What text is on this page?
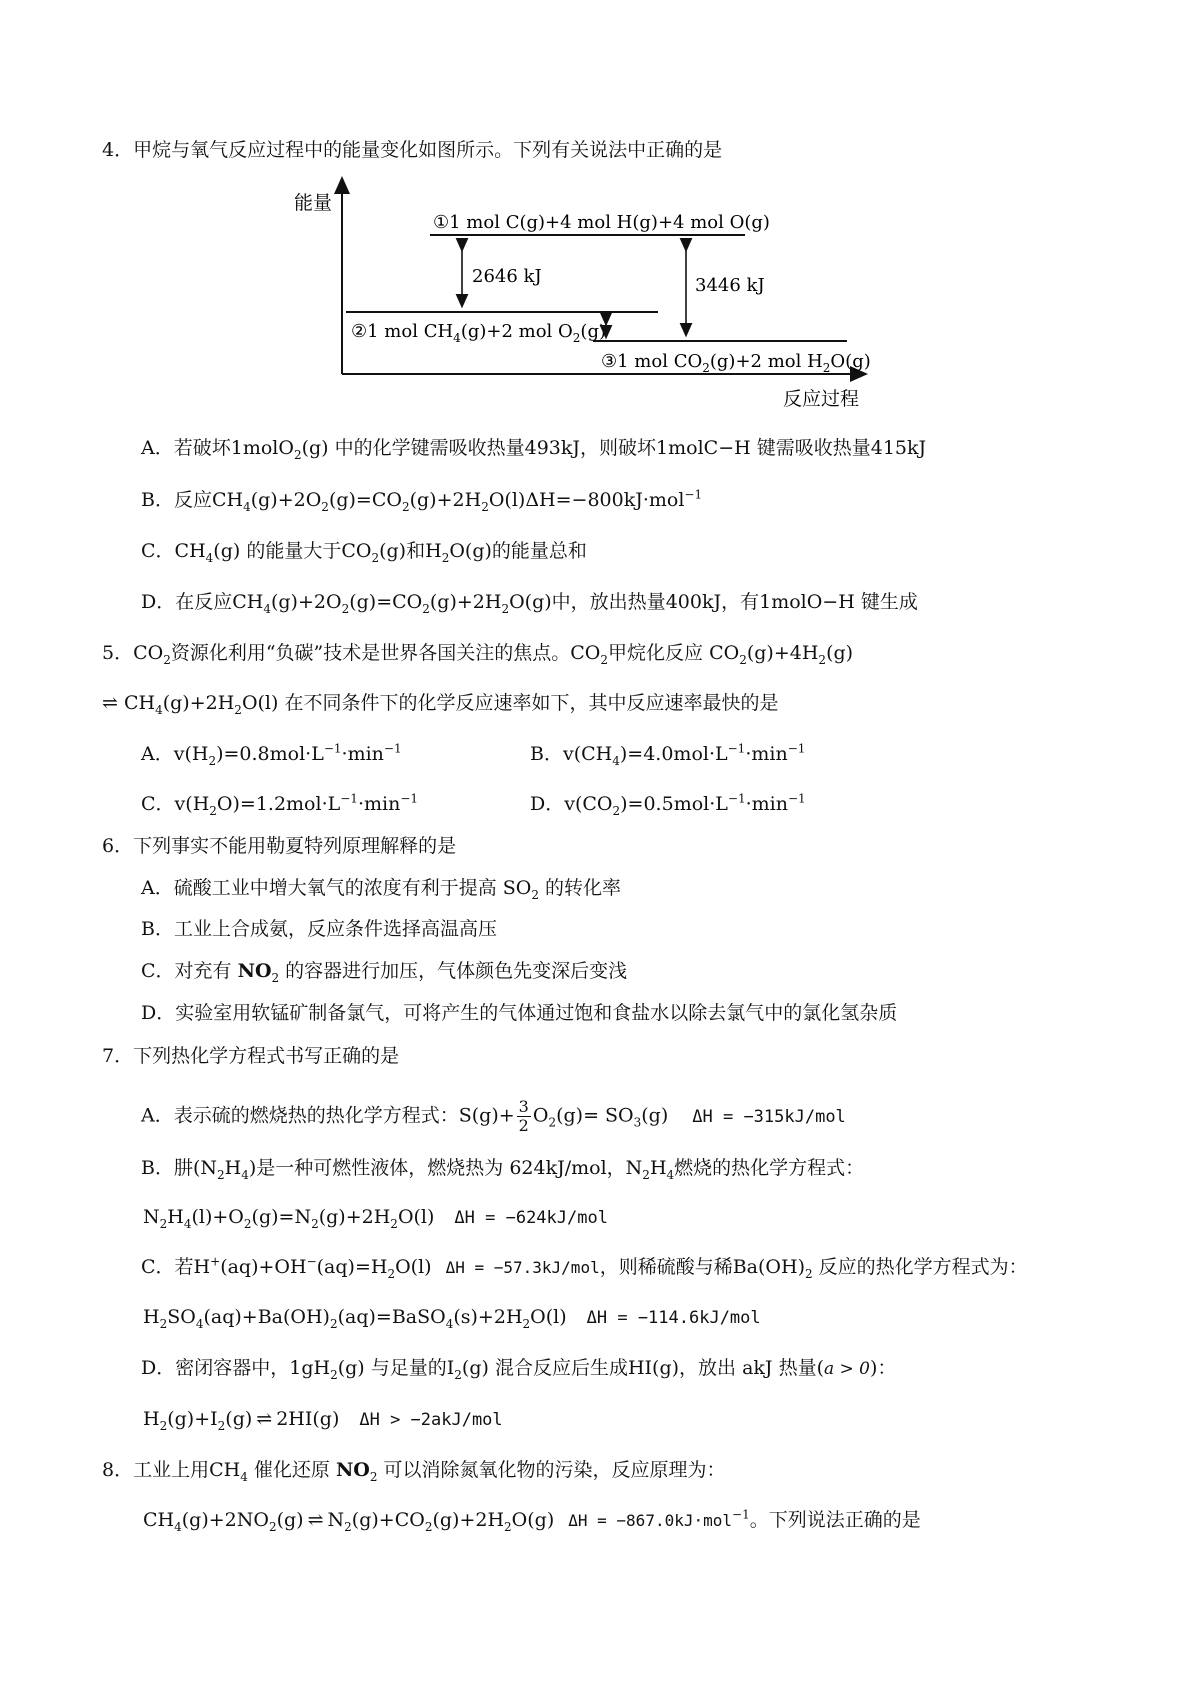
4．甲烷与氧气反应过程中的能量变化如图所示。下列有关说法中正确的是
能量
反应过程
①1 mol C(g)+4 mol H(g)+4 mol O(g)
②1 mol $CH_4(g)+2$ mol $O_2(g)$
③1 mol $CO_2(g)+2$ mol $H_2O(g)$
2646 kJ	3446 kJ
A．若破坏1molO$_2$(g) 中的化学键需吸收热量493kJ，则破坏1molC−H 键需吸收热量415kJ
B．反应$CH_4(g)+2O_2(g)=CO_2(g)+2H_2O(l)\Delta H=-800kJ\cdot mol^{-1}$
C．$CH_4(g)$ 的能量大于$CO_2(g)$和$H_2O(g)$的能量总和
D．在反应$CH_4(g)+2O_2(g)=CO_2(g)+2H_2O(g)$中，放出热量400kJ，有1molO−H 键生成
5．$CO_2$资源化利用“负碳”技术是世界各国关注的焦点。$CO_2$甲烷化反应 $CO_2(g)+4H_2(g)$
⇌ $CH_4(g)+2H_2O(l)$ 在不同条件下的化学反应速率如下，其中反应速率最快的是
A．$v(H_2)=0.8mol\cdot L^{-1}\cdot\min^{-1}$	B．$v(CH_4)=4.0mol\cdot L^{-1}\cdot\min^{-1}$
C．$v(H_2O)=1.2mol\cdot L^{-1}\cdot\min^{-1}$	D．$v(CO_2)=0.5mol\cdot L^{-1}\cdot\min^{-1}$
6．下列事实不能用勒夏特列原理解释的是
A．硫酸工业中增大氧气的浓度有利于提高 $SO_2$ 的转化率
B．工业上合成氨，反应条件选择高温高压
C．对充有 $NO_2$ 的容器进行加压，气体颜色先变深后变浅
D．实验室用软锰矿制备氯气，可将产生的气体通过饱和食盐水以除去氯气中的氯化氢杂质
7．下列热化学方程式书写正确的是
A．表示硫的燃烧热的热化学方程式：$S(g)+ \frac{3}{2} O_2(g)= SO_3(g) \Delta H = -315kJ/mol$
B．肼$(N_2H_4)$是一种可燃性液体，燃烧热为 624kJ/mol，$N_2H_4$燃烧的热化学方程式：
$N_2H_4(l)+O_2(g)=N_2(g)+2H_2O(l) \Delta H = -624kJ/mol$
C．若$H^+(aq)+OH^-(aq)=H_2O(l) \Delta H = -57.3kJ/mol$，则稀硫酸与稀$Ba(OH)_2$ 反应的热化学方程式为：
$H_2SO_4(aq)+Ba(OH)_2(aq)=BaSO_4(s)+2H_2O(l) \Delta H = -114.6kJ/mol$
D．密闭容器中，$1gH_2(g)$ 与足量的$I_2(g)$ 混合反应后生成HI(g)，放出 akJ 热量(a > 0)：
$H_2(g)+I_2(g)$ ⇌ 2HI(g) ΔH > −2akJ/mol
8．工业上用$CH_4$ 催化还原 $NO_2$ 可以消除氮氧化物的污染，反应原理为：
$CH_4(g)+2NO_2(g)$ ⇌ $N_2(g)+CO_2(g)+2H_2O(g) \Delta H = -867.0kJ\cdot mol^{-1}$。下列说法正确的是
